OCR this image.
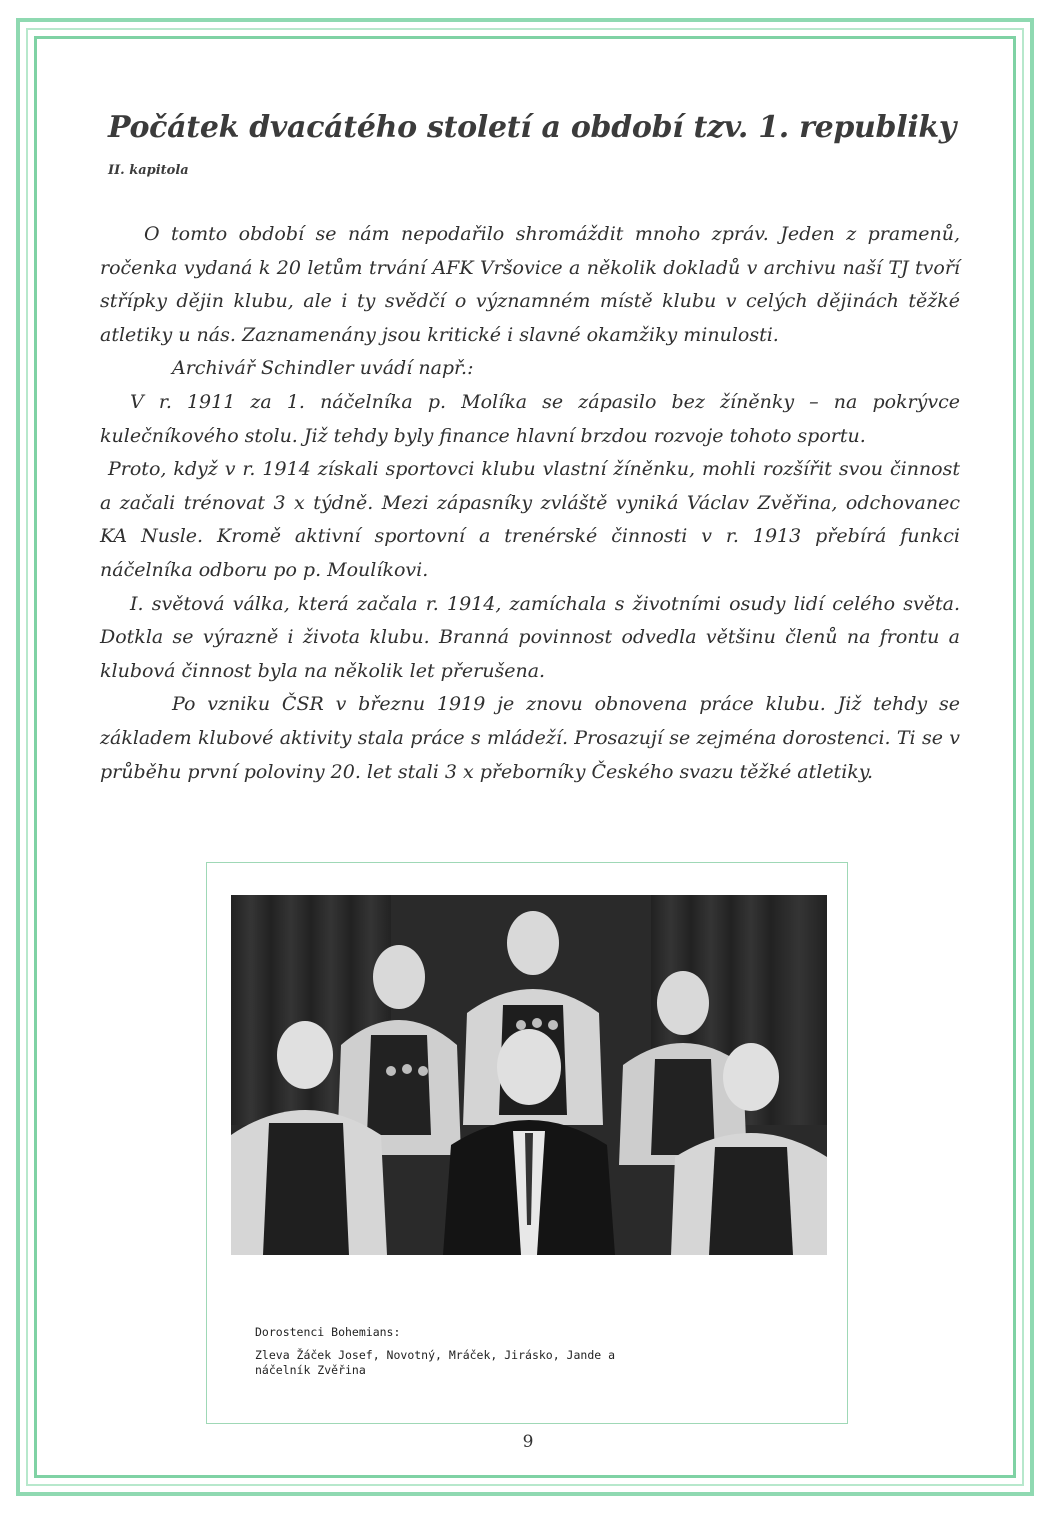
Počátek dvacátého století a období tzv. 1. republiky
II. kapitola

O tomto období se nám nepodařilo shromáždit mnoho zpráv. Jeden z pramenů, ročenka vydaná k 20 letům trvání AFK Vršovice a několik dokladů v archivu naší TJ tvoří střípky dějin klubu, ale i ty svědčí o významném místě klubu v celých dějinách těžké atletiky u nás. Zaznamenány jsou kritické i slavné okamžiky minulosti.

Archivář Schindler uvádí např.:

V r. 1911 za 1. náčelníka p. Molíka se zápasilo bez žíněnky – na pokrývce kulečníkového stolu. Již tehdy byly finance hlavní brzdou rozvoje tohoto sportu.

Proto, když v r. 1914 získali sportovci klubu vlastní žíněnku, mohli rozšířit svou činnost a začali trénovat 3 x týdně. Mezi zápasníky zvláště vyniká Václav Zvěřina, odchovanec KA Nusle. Kromě aktivní sportovní a trenérské činnosti v r. 1913 přebírá funkci náčelníka odboru po p. Moulíkovi.

I. světová válka, která začala r. 1914, zamíchala s životními osudy lidí celého světa. Dotkla se výrazně i života klubu. Branná povinnost odvedla většinu členů na frontu a klubová činnost byla na několik let přerušena.

Po vzniku ČSR v březnu 1919 je znovu obnovena práce klubu. Již tehdy se základem klubové aktivity stala práce s mládeží. Prosazují se zejména dorostenci. Ti se v průběhu první poloviny 20. let stali 3 x přeborníky Českého svazu těžké atletiky.

Dorostenci Bohemians:
Zleva Žáček Josef, Novotný, Mráček, Jirásko, Jande a
náčelník Zvěřina
9
